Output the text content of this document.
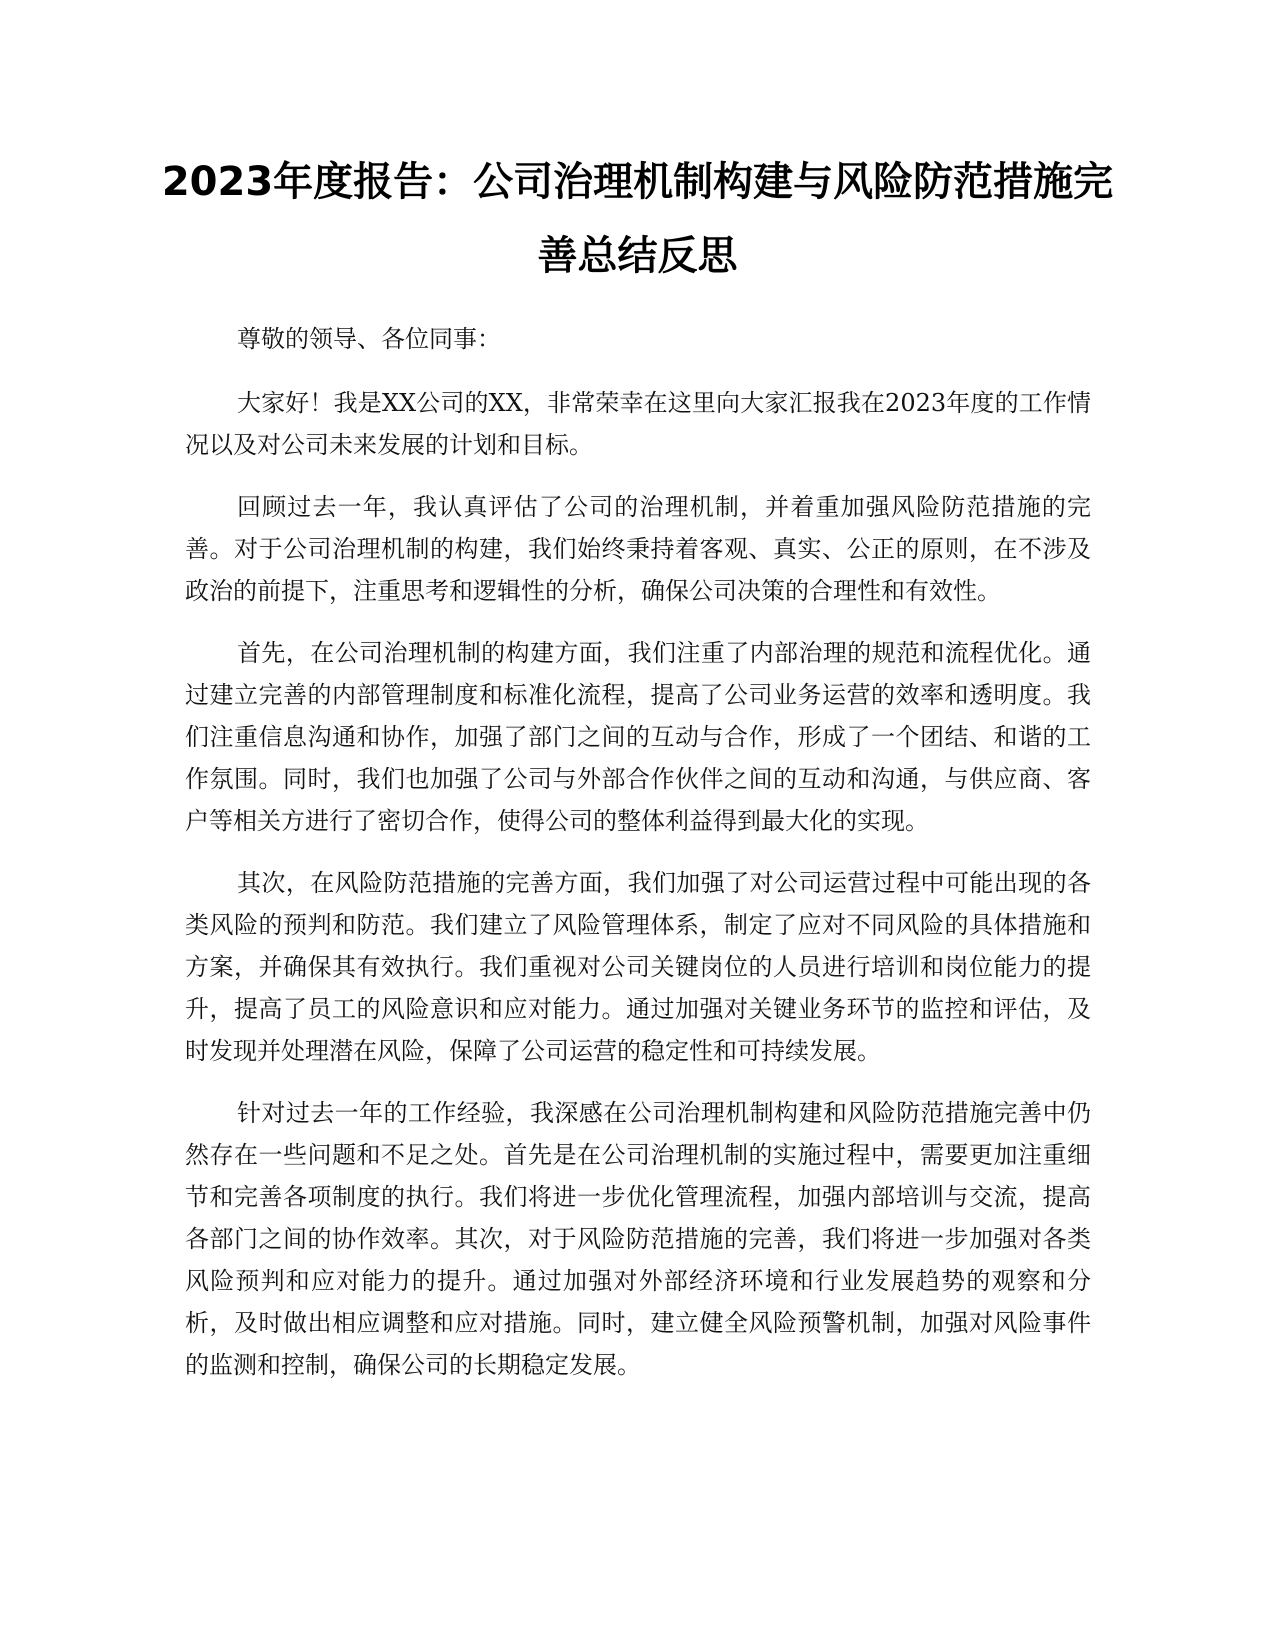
2023年度报告：公司治理机制构建与风险防范措施完善总结反思

尊敬的领导、各位同事：

大家好！我是XX公司的XX，非常荣幸在这里向大家汇报我在2023年度的工作情况以及对公司未来发展的计划和目标。

回顾过去一年，我认真评估了公司的治理机制，并着重加强风险防范措施的完善。对于公司治理机制的构建，我们始终秉持着客观、真实、公正的原则，在不涉及政治的前提下，注重思考和逻辑性的分析，确保公司决策的合理性和有效性。

首先，在公司治理机制的构建方面，我们注重了内部治理的规范和流程优化。通过建立完善的内部管理制度和标准化流程，提高了公司业务运营的效率和透明度。我们注重信息沟通和协作，加强了部门之间的互动与合作，形成了一个团结、和谐的工作氛围。同时，我们也加强了公司与外部合作伙伴之间的互动和沟通，与供应商、客户等相关方进行了密切合作，使得公司的整体利益得到最大化的实现。

其次，在风险防范措施的完善方面，我们加强了对公司运营过程中可能出现的各类风险的预判和防范。我们建立了风险管理体系，制定了应对不同风险的具体措施和方案，并确保其有效执行。我们重视对公司关键岗位的人员进行培训和岗位能力的提升，提高了员工的风险意识和应对能力。通过加强对关键业务环节的监控和评估，及时发现并处理潜在风险，保障了公司运营的稳定性和可持续发展。

针对过去一年的工作经验，我深感在公司治理机制构建和风险防范措施完善中仍然存在一些问题和不足之处。首先是在公司治理机制的实施过程中，需要更加注重细节和完善各项制度的执行。我们将进一步优化管理流程，加强内部培训与交流，提高各部门之间的协作效率。其次，对于风险防范措施的完善，我们将进一步加强对各类风险预判和应对能力的提升。通过加强对外部经济环境和行业发展趋势的观察和分析，及时做出相应调整和应对措施。同时，建立健全风险预警机制，加强对风险事件的监测和控制，确保公司的长期稳定发展。
